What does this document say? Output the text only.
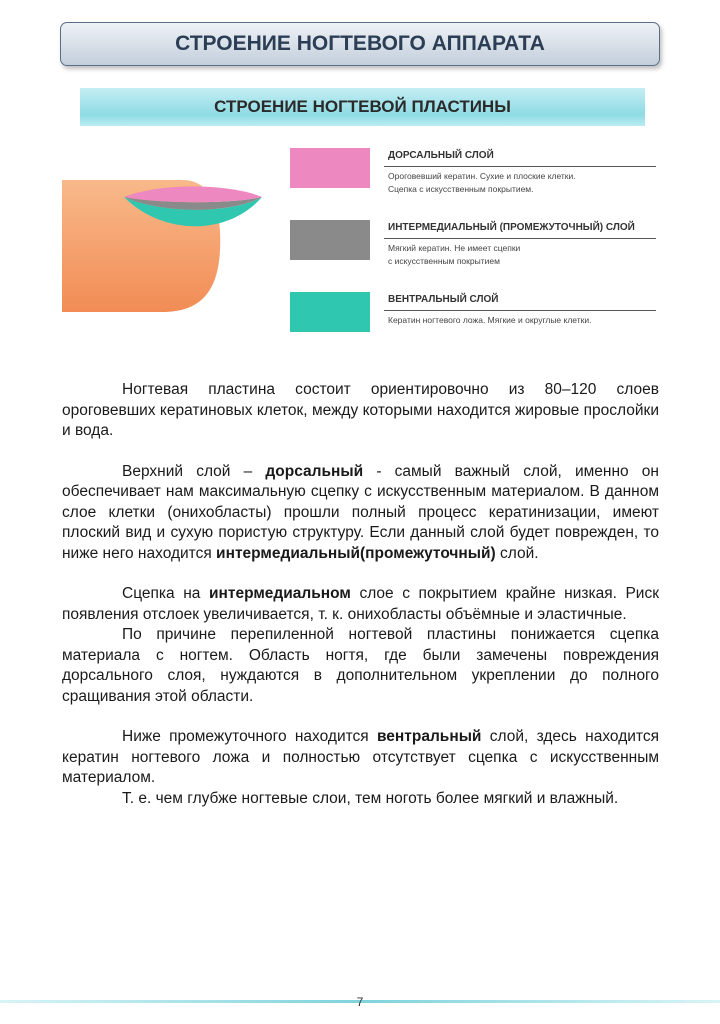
СТРОЕНИЕ НОГТЕВОГО АППАРАТА
СТРОЕНИЕ НОГТЕВОЙ ПЛАСТИНЫ
ДОРСАЛЬНЫЙ СЛОЙ
Ороговевший кератин. Сухие и плоские клетки.
Сцепка с искусственным покрытием.
ИНТЕРМЕДИАЛЬНЫЙ (ПРОМЕЖУТОЧНЫЙ) СЛОЙ
Мягкий кератин. Не имеет сцепки
с искусственным покрытием
ВЕНТРАЛЬНЫЙ СЛОЙ
Кератин ногтевого ложа. Мягкие и округлые клетки.

Ногтевая пластина состоит ориентировочно из 80–120 слоев ороговевших кератиновых клеток, между которыми находится жировые прослойки и вода.

Верхний слой – дорсальный - самый важный слой, именно он обеспечивает нам максимальную сцепку с искусственным материалом. В данном слое клетки (онихобласты) прошли полный процесс кератинизации, имеют плоский вид и сухую пористую структуру. Если данный слой будет поврежден, то ниже него находится интермедиальный(промежуточный) слой.

Сцепка на интермедиальном слое с покрытием крайне низкая. Риск появления отслоек увеличивается, т. к. онихобласты объёмные и эластичные.

По причине перепиленной ногтевой пластины понижается сцепка материала с ногтем. Область ногтя, где были замечены повреждения дорсального слоя, нуждаются в дополнительном укреплении до полного сращивания этой области.

Ниже промежуточного находится вентральный слой, здесь находится кератин ногтевого ложа и полностью отсутствует сцепка с искусственным материалом.

Т. е. чем глубже ногтевые слои, тем ноготь более мягкий и влажный.

7
